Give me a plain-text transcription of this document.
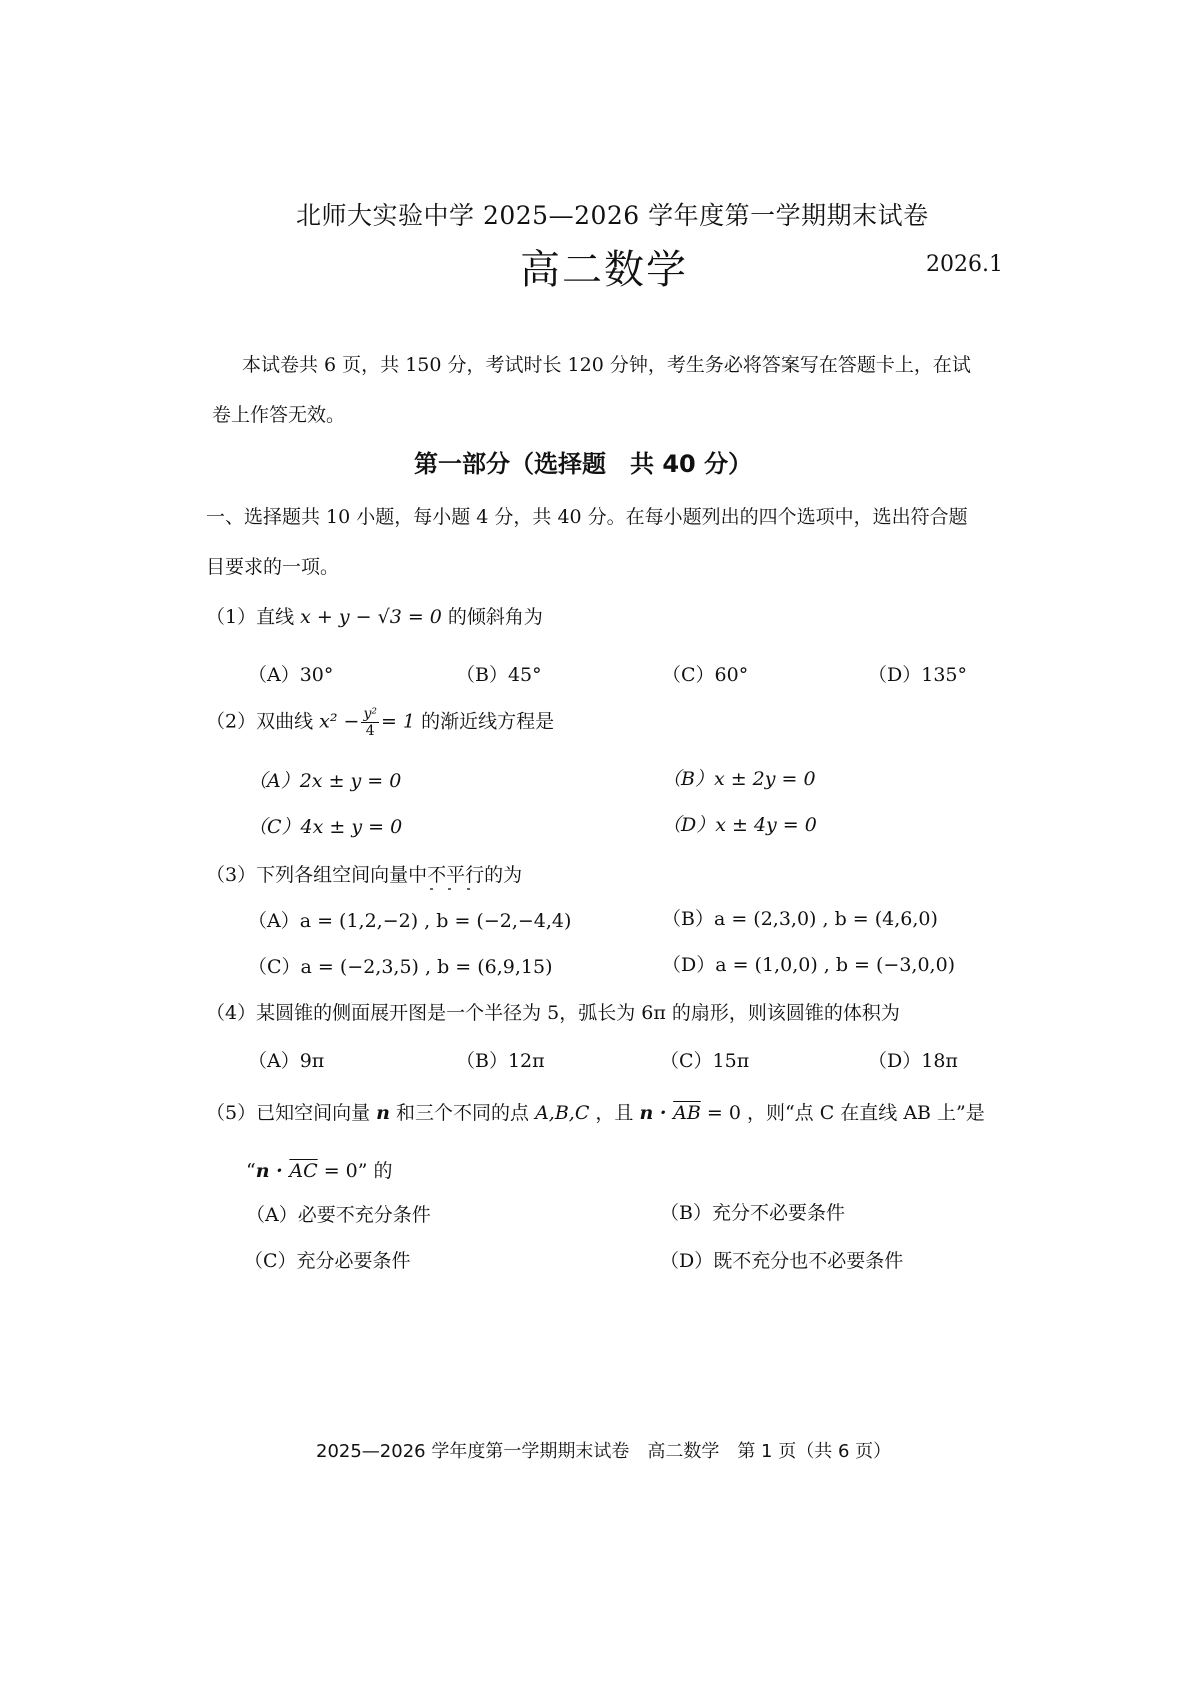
北师大实验中学 2025—2026 学年度第一学期期末试卷
高二数学	2026.1
本试卷共 6 页，共 150 分，考试时长 120 分钟，考生务必将答案写在答题卡上，在试
卷上作答无效。
第一部分（选择题　共 40 分）
一、选择题共 10 小题，每小题 4 分，共 40 分。在每小题列出的四个选项中，选出符合题
目要求的一项。
（1）直线 x + y − √3 = 0 的倾斜角为
（A）30°	（B）45°	（C）60°	（D）135°
（2）双曲线 $x^2 - \frac{\text{y²}}{4} = 1$ 的渐近线方程是
（A）2x ± y = 0	（B）x ± 2y = 0
（C）4x ± y = 0	（D）x ± 4y = 0
（3）下列各组空间向量中不平行的为
（A）a = (1,2,−2) , b = (−2,−4,4)	（B）a = (2,3,0) , b = (4,6,0)
（C）a = (−2,3,5) , b = (6,9,15)	（D）a = (1,0,0) , b = (−3,0,0)
（4）某圆锥的侧面展开图是一个半径为 5，弧长为 6π 的扇形，则该圆锥的体积为
（A）9π	（B）12π	（C）15π	（D）18π
（5）已知空间向量 n 和三个不同的点 A,B,C ，且 $n \cdot \overline{AB} = 0$ ，则“点 C 在直线 AB 上”是
“$n \cdot \overline{AC} = 0$” 的
（A）必要不充分条件	（B）充分不必要条件
（C）充分必要条件	（D）既不充分也不必要条件
2025—2026 学年度第一学期期末试卷　高二数学　第 1 页（共 6 页）
